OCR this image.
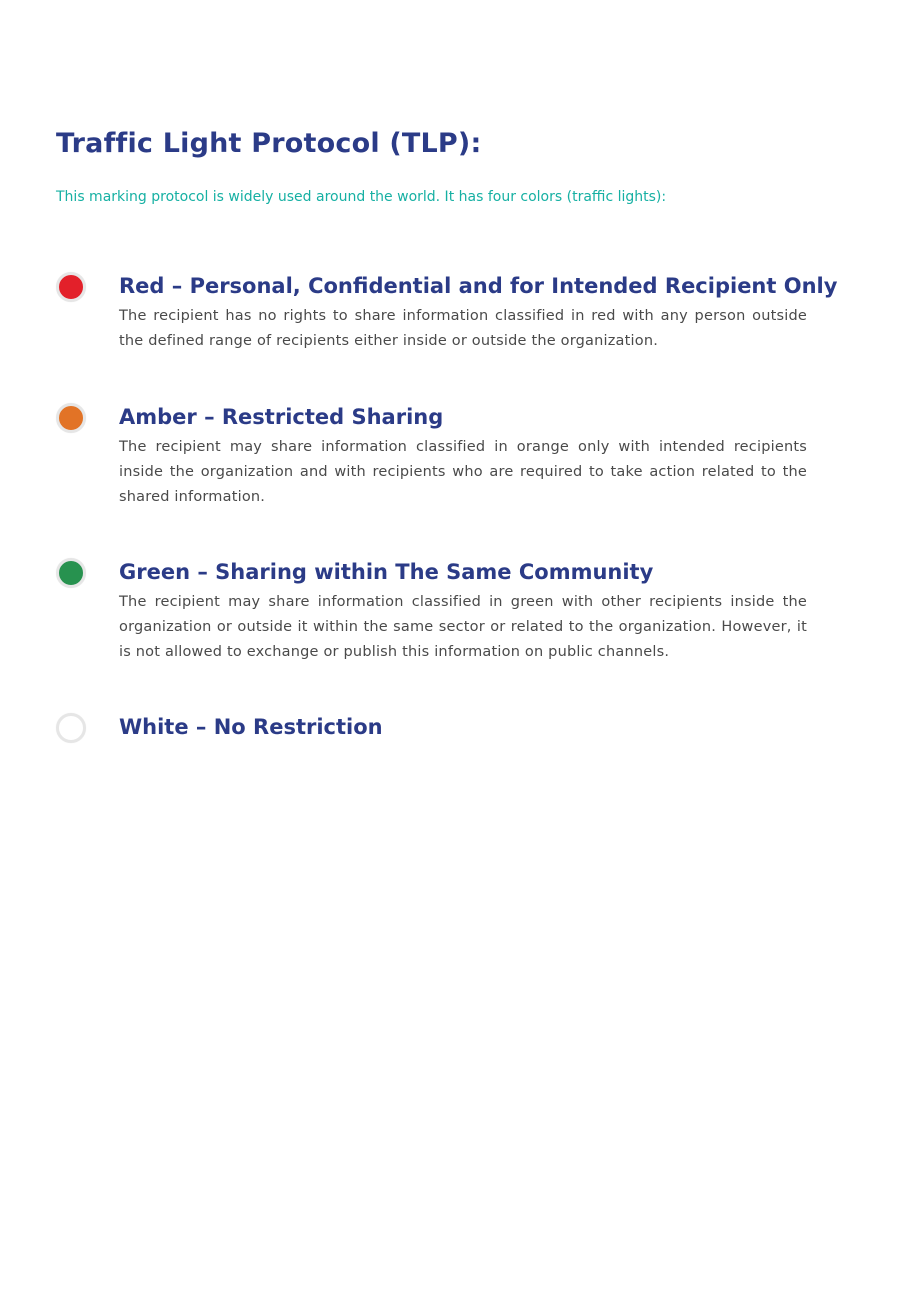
Traffic Light Protocol (TLP):

This marking protocol is widely used around the world. It has four colors (traffic lights):

Red – Personal, Confidential and for Intended Recipient Only

The recipient has no rights to share information classified in red with any person outside the defined range of recipients either inside or outside the organization.

Amber – Restricted Sharing

The recipient may share information classified in orange only with intended recipients inside the organization and with recipients who are required to take action related to the shared information.

Green – Sharing within The Same Community

The recipient may share information classified in green with other recipients inside the organization or outside it within the same sector or related to the organization. However, it is not allowed to exchange or publish this information on public channels.

White – No Restriction
